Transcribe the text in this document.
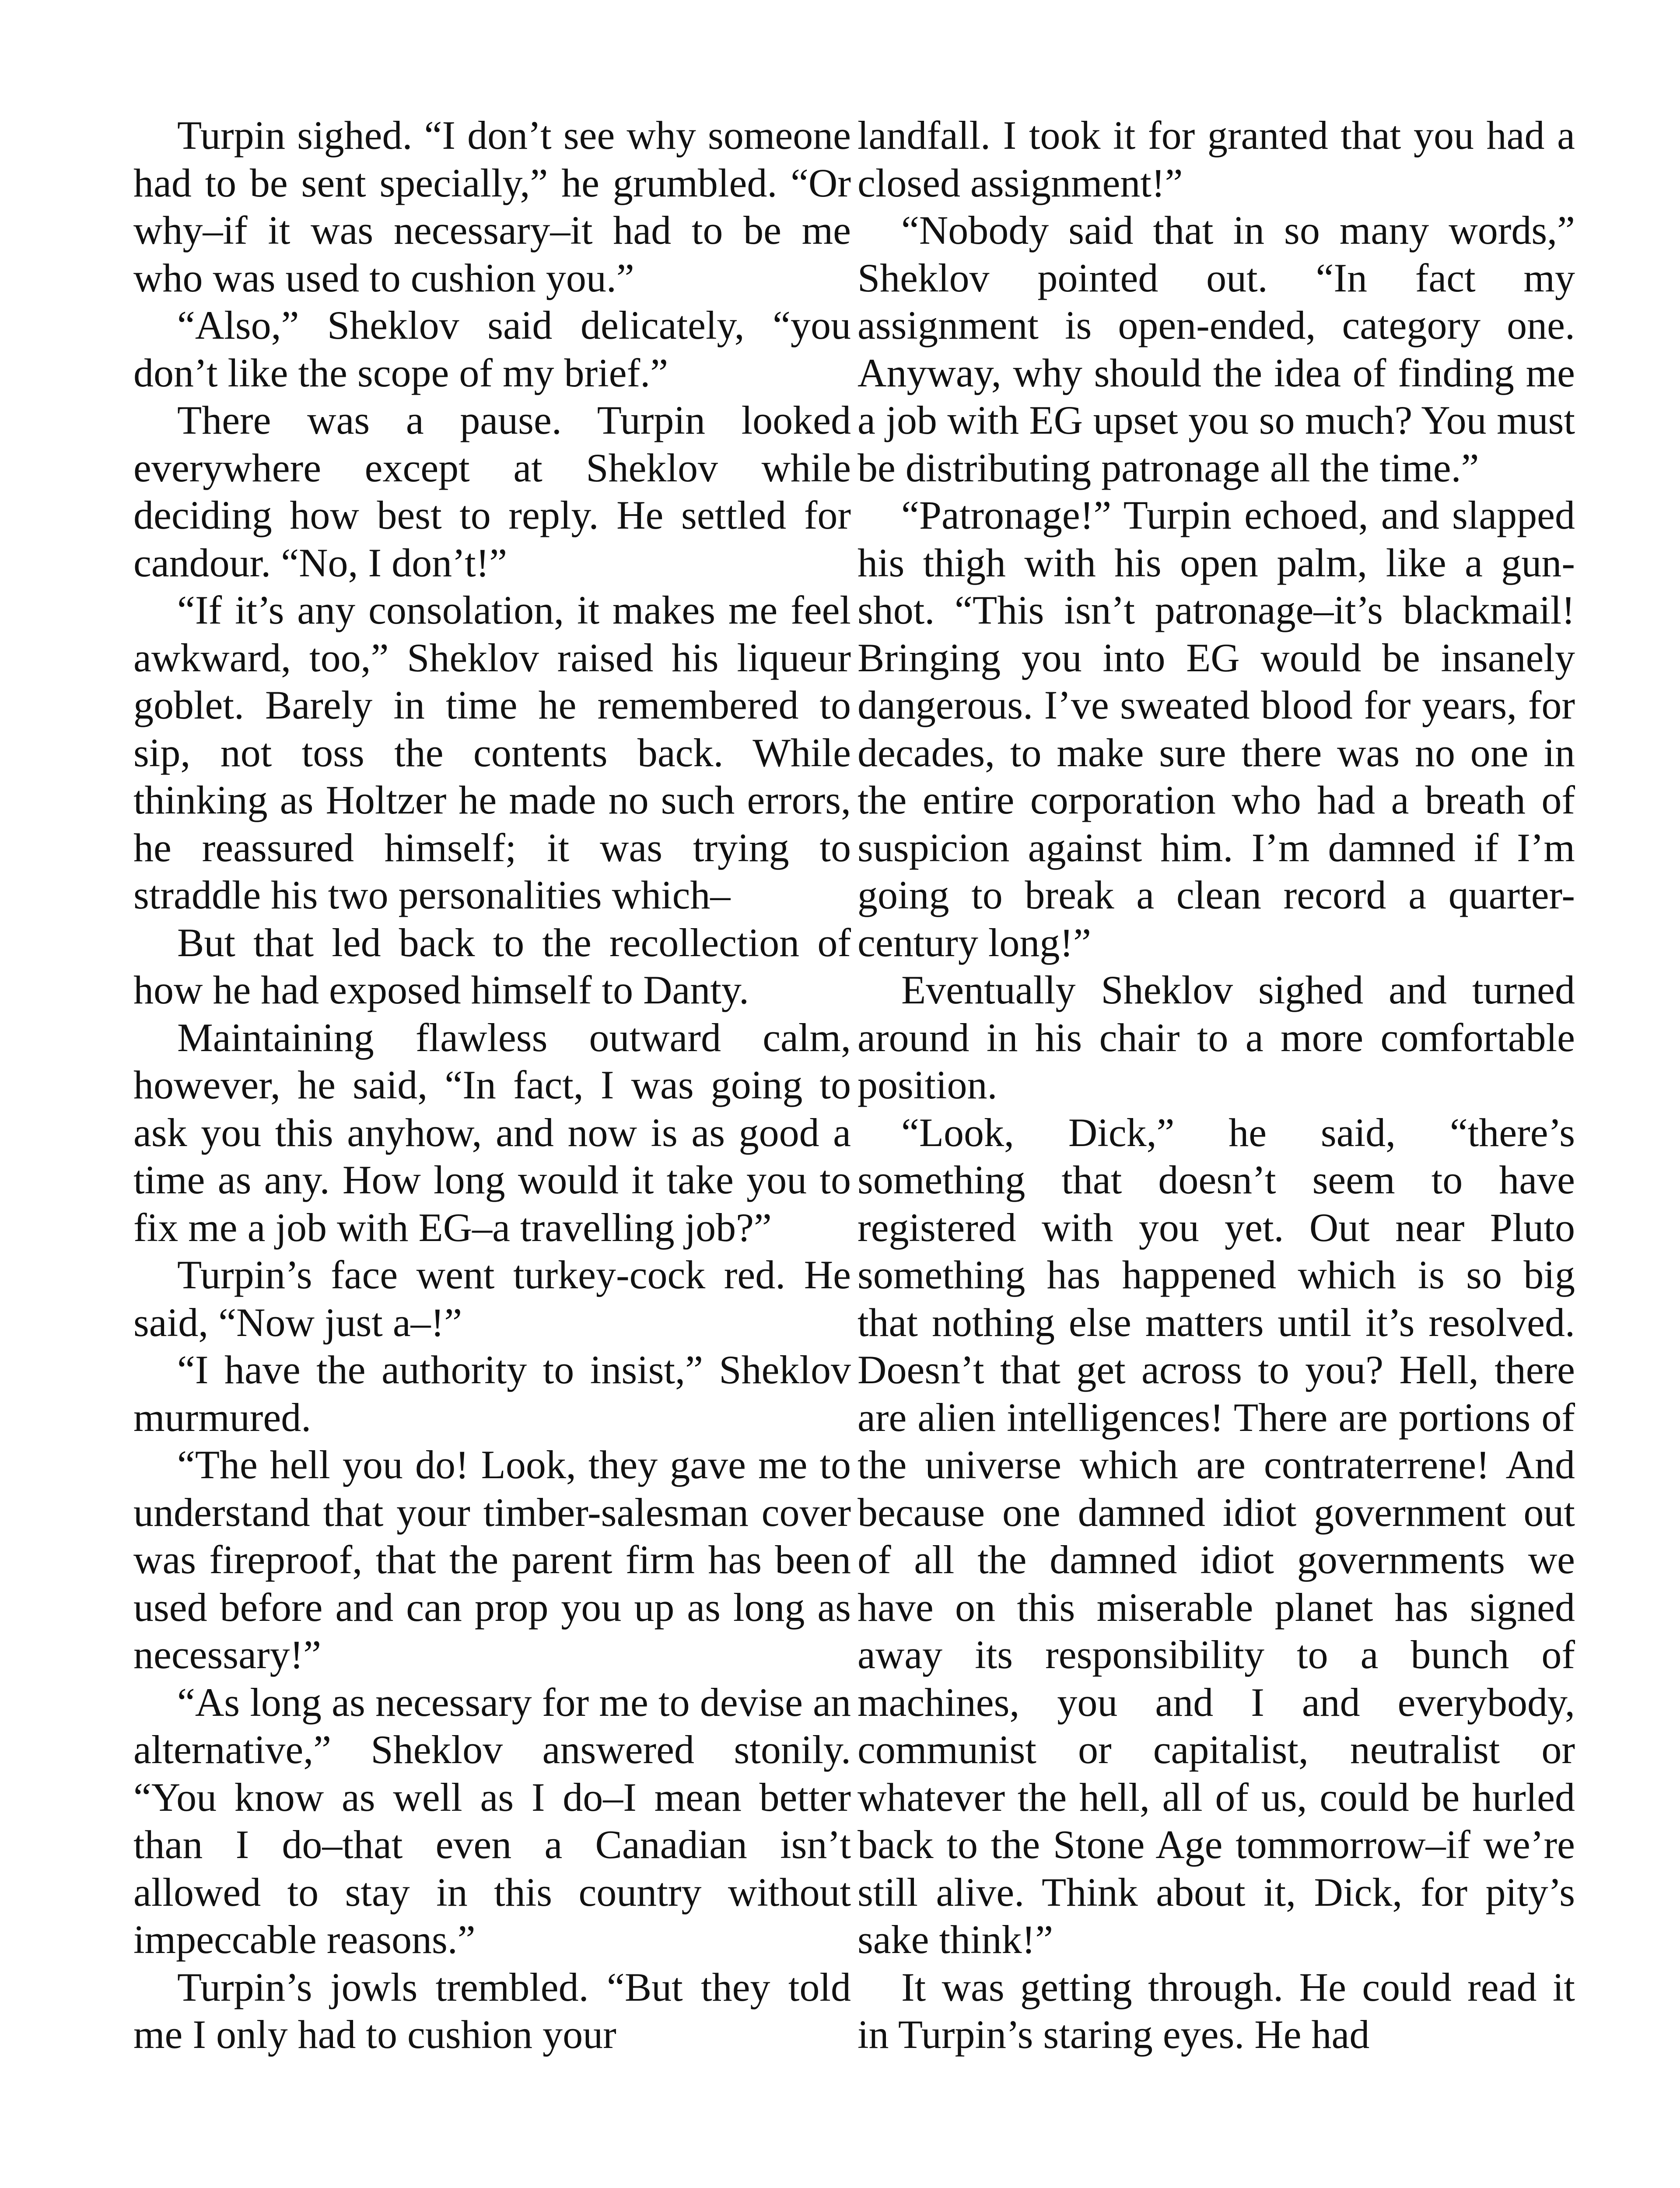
Turpin sighed. “I don’t see why someone had to be sent specially,” he grumbled. “Or why–if it was necessary–it had to be me who was used to cushion you.”

“Also,” Sheklov said delicately, “you don’t like the scope of my brief.”

There was a pause. Turpin looked everywhere except at Sheklov while deciding how best to reply. He settled for candour. “No, I don’t!”

“If it’s any consolation, it makes me feel awkward, too,” Sheklov raised his liqueur goblet. Barely in time he remembered to sip, not toss the contents back. While thinking as Holtzer he made no such errors, he reassured himself; it was trying to straddle his two personalities which–

But that led back to the recollection of how he had exposed himself to Danty.

Maintaining flawless outward calm, however, he said, “In fact, I was going to ask you this anyhow, and now is as good a time as any. How long would it take you to fix me a job with EG–a travelling job?”

Turpin’s face went turkey-cock red. He said, “Now just a–!”

“I have the authority to insist,” Sheklov murmured.

“The hell you do! Look, they gave me to understand that your timber-salesman cover was fireproof, that the parent firm has been used before and can prop you up as long as necessary!”

“As long as necessary for me to devise an alternative,” Sheklov answered stonily. “You know as well as I do–I mean better than I do–that even a Canadian isn’t allowed to stay in this country without impeccable reasons.”

Turpin’s jowls trembled. “But they told me I only had to cushion your

landfall. I took it for granted that you had a closed assignment!”

“Nobody said that in so many words,” Sheklov pointed out. “In fact my assignment is open-ended, category one. Anyway, why should the idea of finding me a job with EG upset you so much? You must be distributing patronage all the time.”

“Patronage!” Turpin echoed, and slapped his thigh with his open palm, like a gun-shot. “This isn’t patronage–it’s blackmail! Bringing you into EG would be insanely dangerous. I’ve sweated blood for years, for decades, to make sure there was no one in the entire corporation who had a breath of suspicion against him. I’m damned if I’m going to break a clean record a quarter-century long!”

Eventually Sheklov sighed and turned around in his chair to a more comfortable position.

“Look, Dick,” he said, “there’s something that doesn’t seem to have registered with you yet. Out near Pluto something has happened which is so big that nothing else matters until it’s resolved. Doesn’t that get across to you? Hell, there are alien intelligences! There are portions of the universe which are contraterrene! And because one damned idiot government out of all the damned idiot governments we have on this miserable planet has signed away its responsibility to a bunch of machines, you and I and everybody, communist or capitalist, neutralist or whatever the hell, all of us, could be hurled back to the Stone Age tommorrow–if we’re still alive. Think about it, Dick, for pity’s sake think!”

It was getting through. He could read it in Turpin’s staring eyes. He had
